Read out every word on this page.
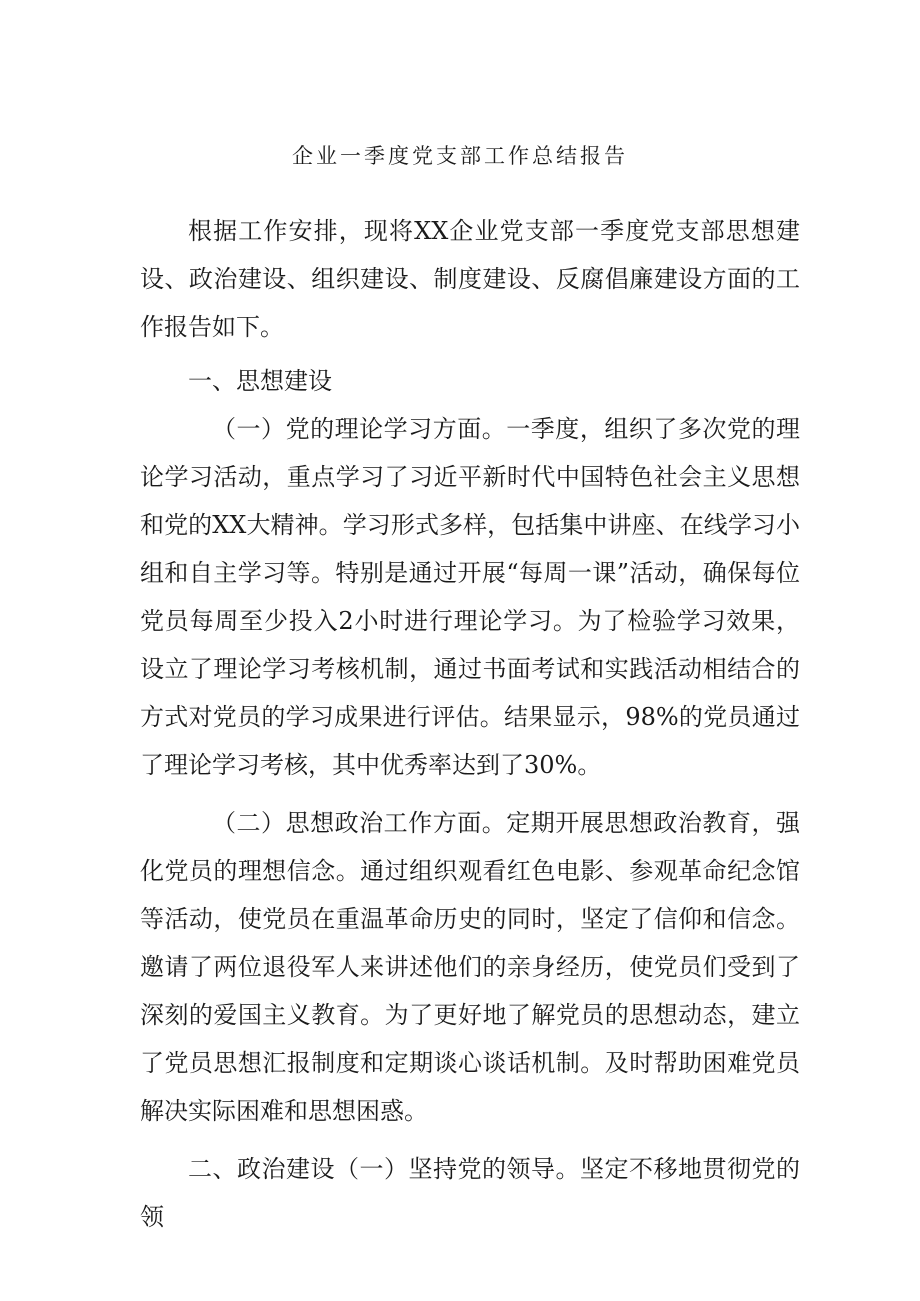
企业一季度党支部工作总结报告

根据工作安排，现将XX企业党支部一季度党支部思想建设、政治建设、组织建设、制度建设、反腐倡廉建设方面的工作报告如下。

一、思想建设

（一）党的理论学习方面。一季度，组织了多次党的理论学习活动，重点学习了习近平新时代中国特色社会主义思想和党的XX大精神。学习形式多样，包括集中讲座、在线学习小组和自主学习等。特别是通过开展“每周一课”活动，确保每位党员每周至少投入2小时进行理论学习。为了检验学习效果，设立了理论学习考核机制，通过书面考试和实践活动相结合的方式对党员的学习成果进行评估。结果显示，98%的党员通过了理论学习考核，其中优秀率达到了30%。

（二）思想政治工作方面。定期开展思想政治教育，强化党员的理想信念。通过组织观看红色电影、参观革命纪念馆等活动，使党员在重温革命历史的同时，坚定了信仰和信念。邀请了两位退役军人来讲述他们的亲身经历，使党员们受到了深刻的爱国主义教育。为了更好地了解党员的思想动态，建立了党员思想汇报制度和定期谈心谈话机制。及时帮助困难党员解决实际困难和思想困惑。

二、政治建设（一）坚持党的领导。坚定不移地贯彻党的领
